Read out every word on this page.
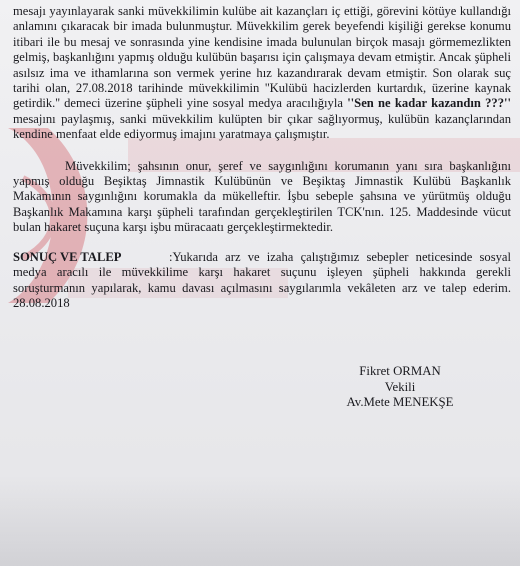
mesajı yayınlayarak sanki müvekkilimin kulübe ait kazançları iç ettiği, görevini kötüye kullandığı anlamını çıkaracak bir imada bulunmuştur. Müvekkilim gerek beyefendi kişiliği gerekse konumu itibari ile bu mesaj ve sonrasında yine kendisine imada bulunulan birçok masajı görmemezlikten gelmiş, başkanlığını yapmış olduğu kulübün başarısı için çalışmaya devam etmiştir. Ancak şüpheli asılsız ima ve ithamlarına son vermek yerine hız kazandırarak devam etmiştir. Son olarak suç tarihi olan, 27.08.2018 tarihinde müvekkilimin ''Kulübü hacizlerden kurtardık, üzerine kaynak getirdik.'' demeci üzerine şüpheli yine sosyal medya aracılığıyla ''Sen ne kadar kazandın ???'' mesajını paylaşmış, sanki müvekkilim kulüpten bir çıkar sağlıyormuş, kulübün kazançlarından kendine menfaat elde ediyormuş imajını yaratmaya çalışmıştır.

Müvekkilim; şahsının onur, şeref ve saygınlığını korumanın yanı sıra başkanlığını yapmış olduğu Beşiktaş Jimnastik Kulübünün ve Beşiktaş Jimnastik Kulübü Başkanlık Makamının saygınlığını korumakla da mükelleftir. İşbu sebeple şahsına ve yürütmüş olduğu Başkanlık Makamına karşı şüpheli tarafından gerçekleştirilen TCK'nın. 125. Maddesinde vücut bulan hakaret suçuna karşı işbu müracaatı gerçekleştirmektedir.

SONUÇ VE TALEP	:Yukarıda arz ve izaha çalıştığımız sebepler neticesinde sosyal medya aracılı ile müvekkilime karşı hakaret suçunu işleyen şüpheli hakkında gerekli soruşturmanın yapılarak, kamu davası açılmasını saygılarımla vekâleten arz ve talep ederim. 28.08.2018

Fikret ORMAN
Vekili
Av.Mete MENEKŞE
